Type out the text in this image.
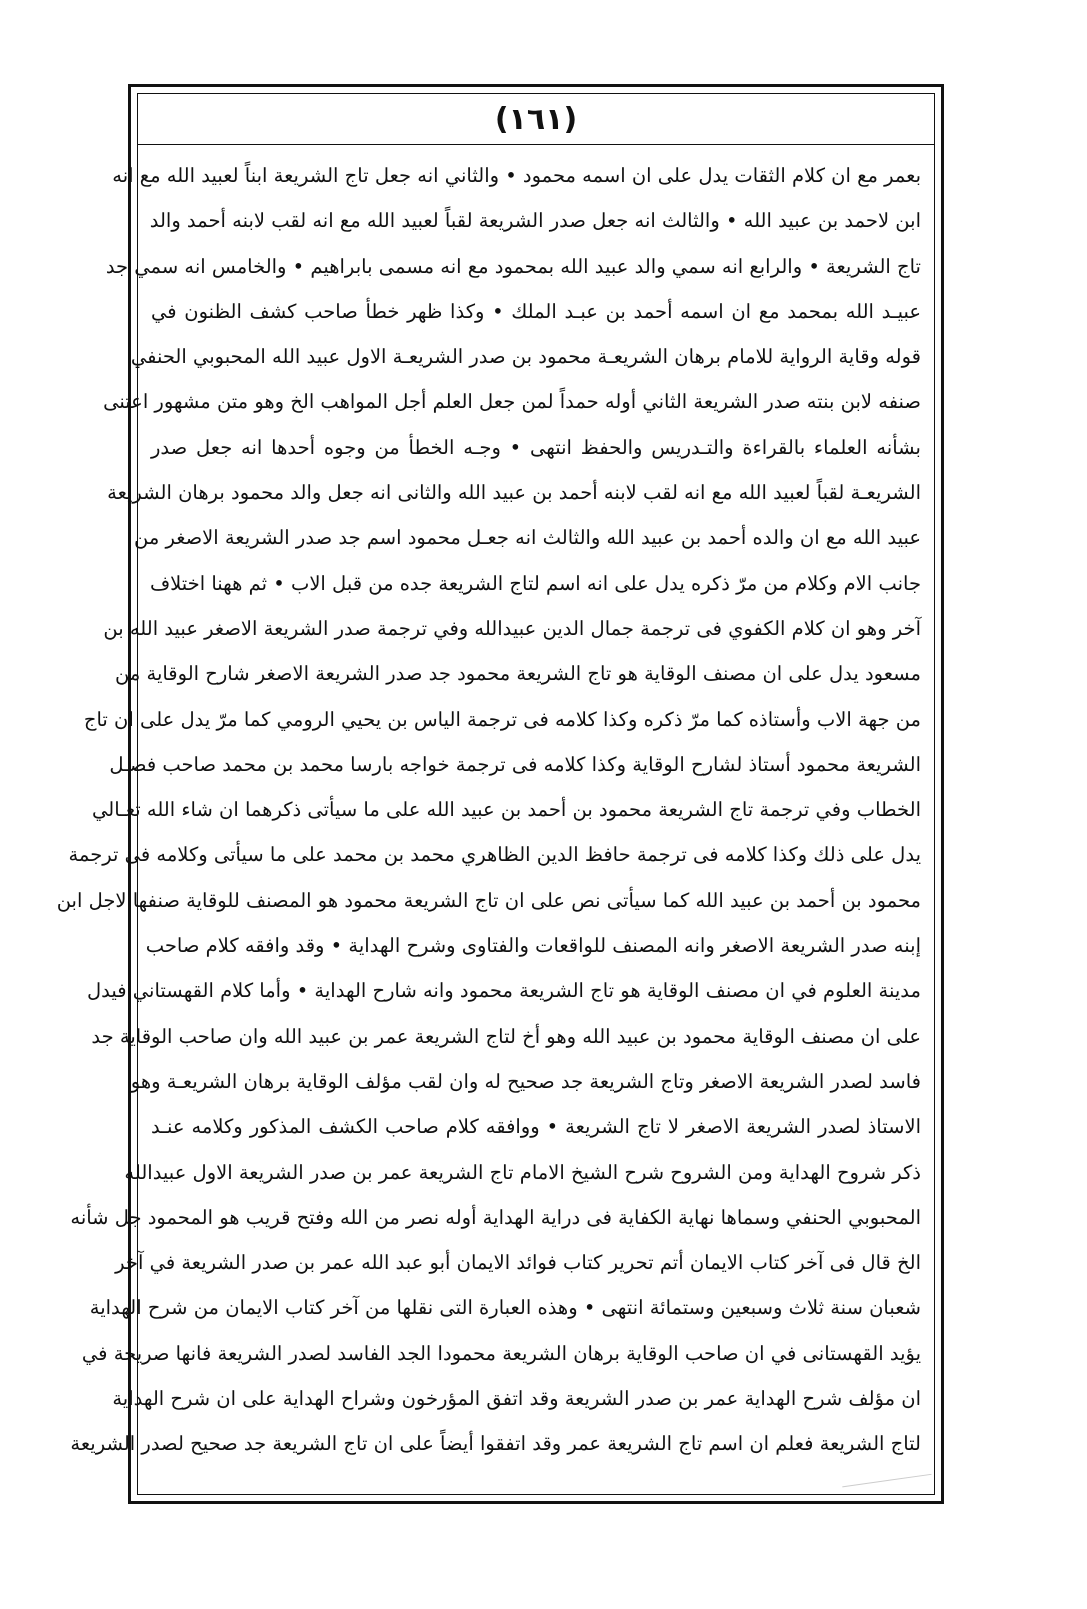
(١٦١)
بعمر مع ان كلام الثقات يدل على ان اسمه محمود • والثاني انه جعل تاج الشريعة ابناً لعبيد الله مع انه
ابن لاحمد بن عبيد الله • والثالث انه جعل صدر الشريعة لقباً لعبيد الله مع انه لقب لابنه أحمد والد
تاج الشريعة • والرابع انه سمي والد عبيد الله بمحمود مع انه مسمى بابراهيم • والخامس انه سمي جد
عبيـد الله بمحمد مع ان اسمه أحمد بن عبـد الملك • وكذا ظهر خطأ صاحب كشف الظنون في
قوله وقاية الرواية للامام برهان الشريعـة محمود بن صدر الشريعـة الاول عبيد الله المحبوبي الحنفي
صنفه لابن بنته صدر الشريعة الثاني أوله حمداً لمن جعل العلم أجل المواهب الخ وهو متن مشهور اعتنى
بشأنه العلماء بالقراءة والتـدريس والحفظ انتهى • وجـه الخطأ من وجوه أحدها انه جعل صدر
الشريعـة لقباً لعبيد الله مع انه لقب لابنه أحمد بن عبيد الله والثانى انه جعل والد محمود برهان الشريعة
عبيد الله مع ان والده أحمد بن عبيد الله والثالث انه جعـل محمود اسم جد صدر الشريعة الاصغر من
جانب الام وكلام من مرّ ذكره يدل على انه اسم لتاج الشريعة جده من قبل الاب • ثم ههنا اختلاف
آخر وهو ان كلام الكفوي فى ترجمة جمال الدين عبيدالله وفي ترجمة صدر الشريعة الاصغر عبيد الله بن
مسعود يدل على ان مصنف الوقاية هو تاج الشريعة محمود جد صدر الشريعة الاصغر شارح الوقاية من
من جهة الاب وأستاذه كما مرّ ذكره وكذا كلامه فى ترجمة الياس بن يحيي الرومي كما مرّ يدل على ان تاج
الشريعة محمود أستاذ لشارح الوقاية وكذا كلامه فى ترجمة خواجه بارسا محمد بن محمد صاحب فصـل
الخطاب وفي ترجمة تاج الشريعة محمود بن أحمد بن عبيد الله على ما سيأتى ذكرهما ان شاء الله تعـالي
يدل على ذلك وكذا كلامه فى ترجمة حافظ الدين الظاهري محمد بن محمد على ما سيأتى وكلامه فى ترجمة
محمود بن أحمد بن عبيد الله كما سيأتى نص على ان تاج الشريعة محمود هو المصنف للوقاية صنفها لاجل ابن
إبنه صدر الشريعة الاصغر وانه المصنف للواقعات والفتاوى وشرح الهداية • وقد وافقه كلام صاحب
مدينة العلوم في ان مصنف الوقاية هو تاج الشريعة محمود وانه شارح الهداية • وأما كلام القهستاني فيدل
على ان مصنف الوقاية محمود بن عبيد الله وهو أخ لتاج الشريعة عمر بن عبيد الله وان صاحب الوقاية جد
فاسد لصدر الشريعة الاصغر وتاج الشريعة جد صحيح له وان لقب مؤلف الوقاية برهان الشريعـة وهو
الاستاذ لصدر الشريعة الاصغر لا تاج الشريعة • ووافقه كلام صاحب الكشف المذكور وكلامه عنـد
ذكر شروح الهداية ومن الشروح شرح الشيخ الامام تاج الشريعة عمر بن صدر الشريعة الاول عبيدالله
المحبوبي الحنفي وسماها نهاية الكفاية فى دراية الهداية أوله نصر من الله وفتح قريب هو المحمود جل شأنه
الخ قال فى آخر كتاب الايمان أتم تحرير كتاب فوائد الايمان أبو عبد الله عمر بن صدر الشريعة في آخر
شعبان سنة ثلاث وسبعين وستمائة انتهى • وهذه العبارة التى نقلها من آخر كتاب الايمان من شرح الهداية
يؤيد القهستانى في ان صاحب الوقاية برهان الشريعة محمودا الجد الفاسد لصدر الشريعة فانها صريحة في
ان مؤلف شرح الهداية عمر بن صدر الشريعة وقد اتفق المؤرخون وشراح الهداية على ان شرح الهداية
لتاج الشريعة فعلم ان اسم تاج الشريعة عمر وقد اتفقوا أيضاً على ان تاج الشريعة جد صحيح لصدر الشريعة
